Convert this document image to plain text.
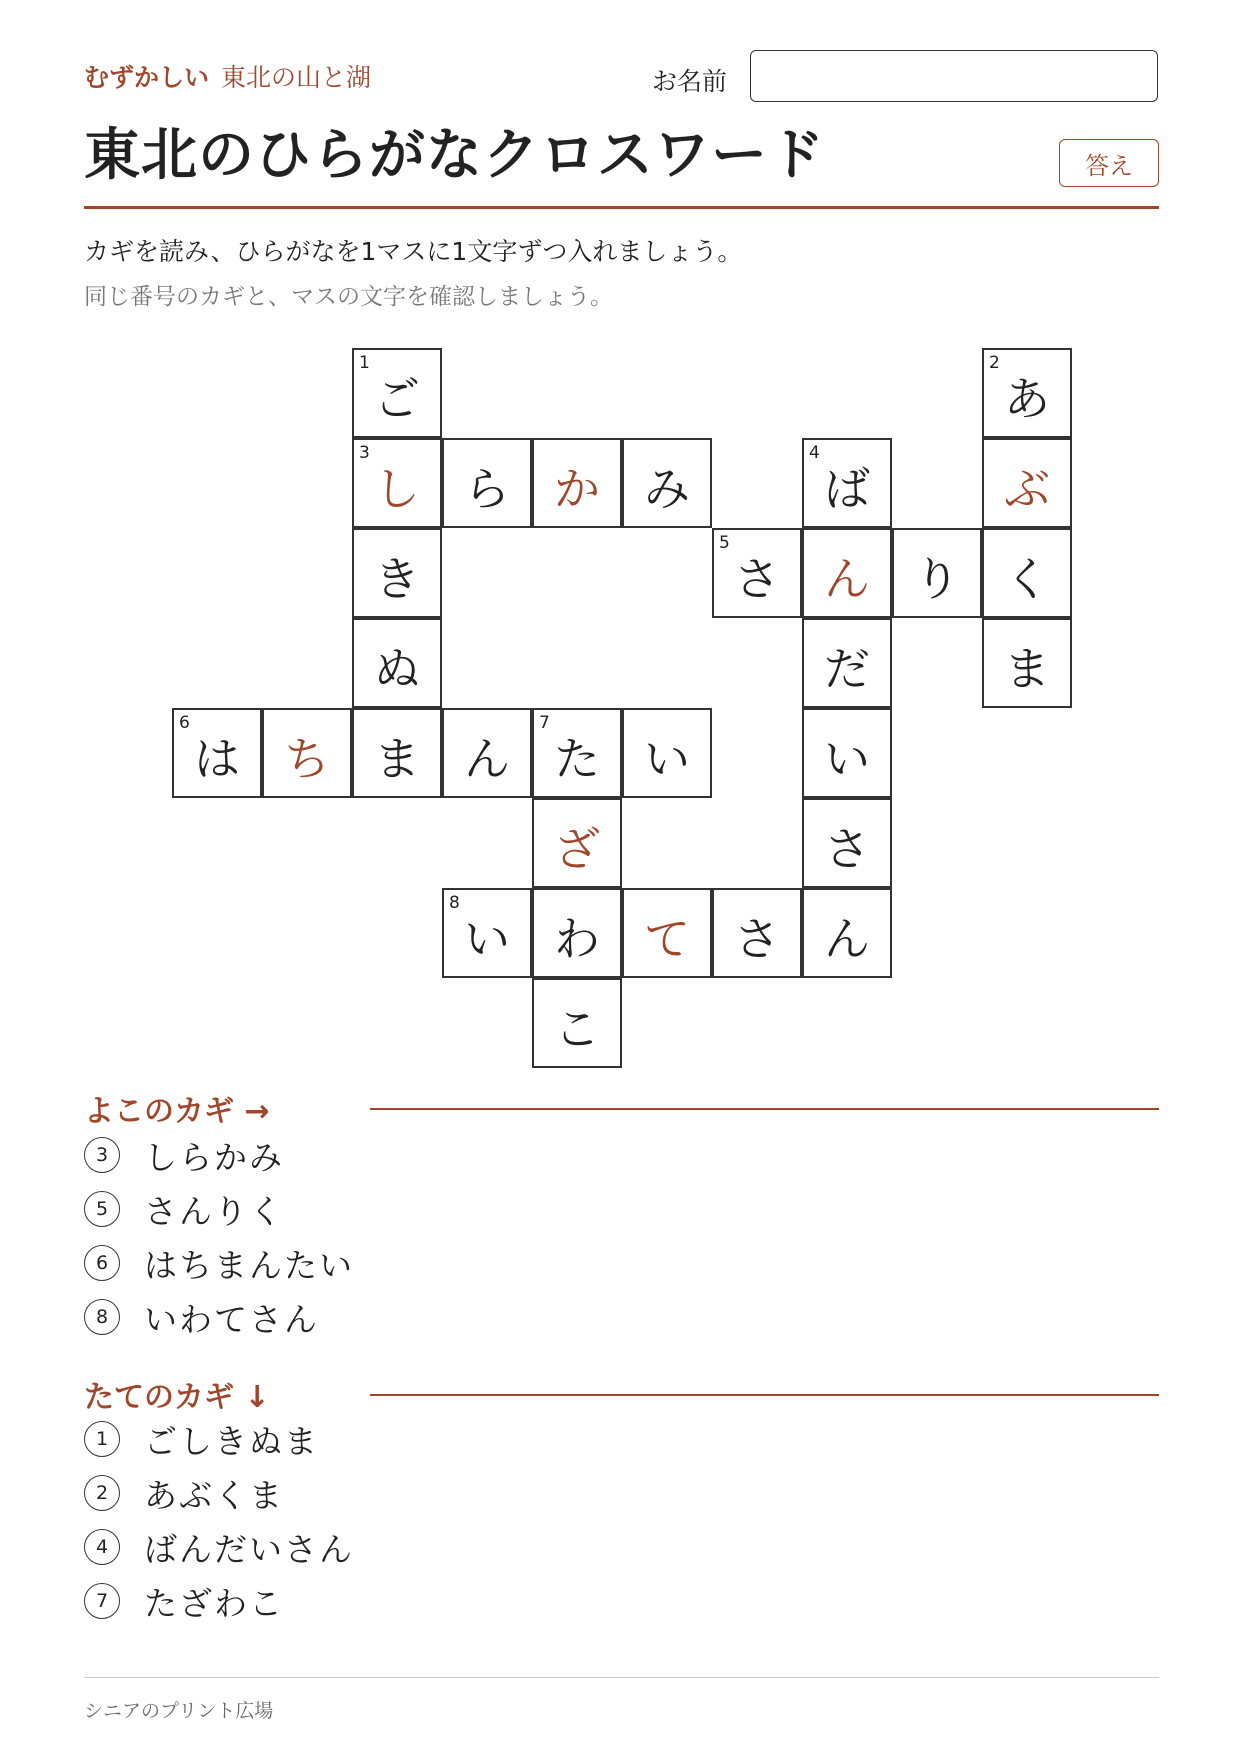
むずかしい 東北の山と湖	お名前
東北のひらがなクロスワード	答え
カギを読み、ひらがなを1マスに1文字ずつ入れましょう。
同じ番号のカギと、マスの文字を確認しましょう。
1
ご
2
あ
3
し ら か み
4
ば	ぶ
き
5
さ ん り く
ぬ	だ	ま
6
は ち ま ん
7
た い	い
ざ	さ
8
い わ て さ ん
こ
よこのカギ →
3	しらかみ
5	さんりく
6	はちまんたい
8	いわてさん
たてのカギ ↓
1	ごしきぬま
2	あぶくま
4	ばんだいさん
7	たざわこ
シニアのプリント広場
